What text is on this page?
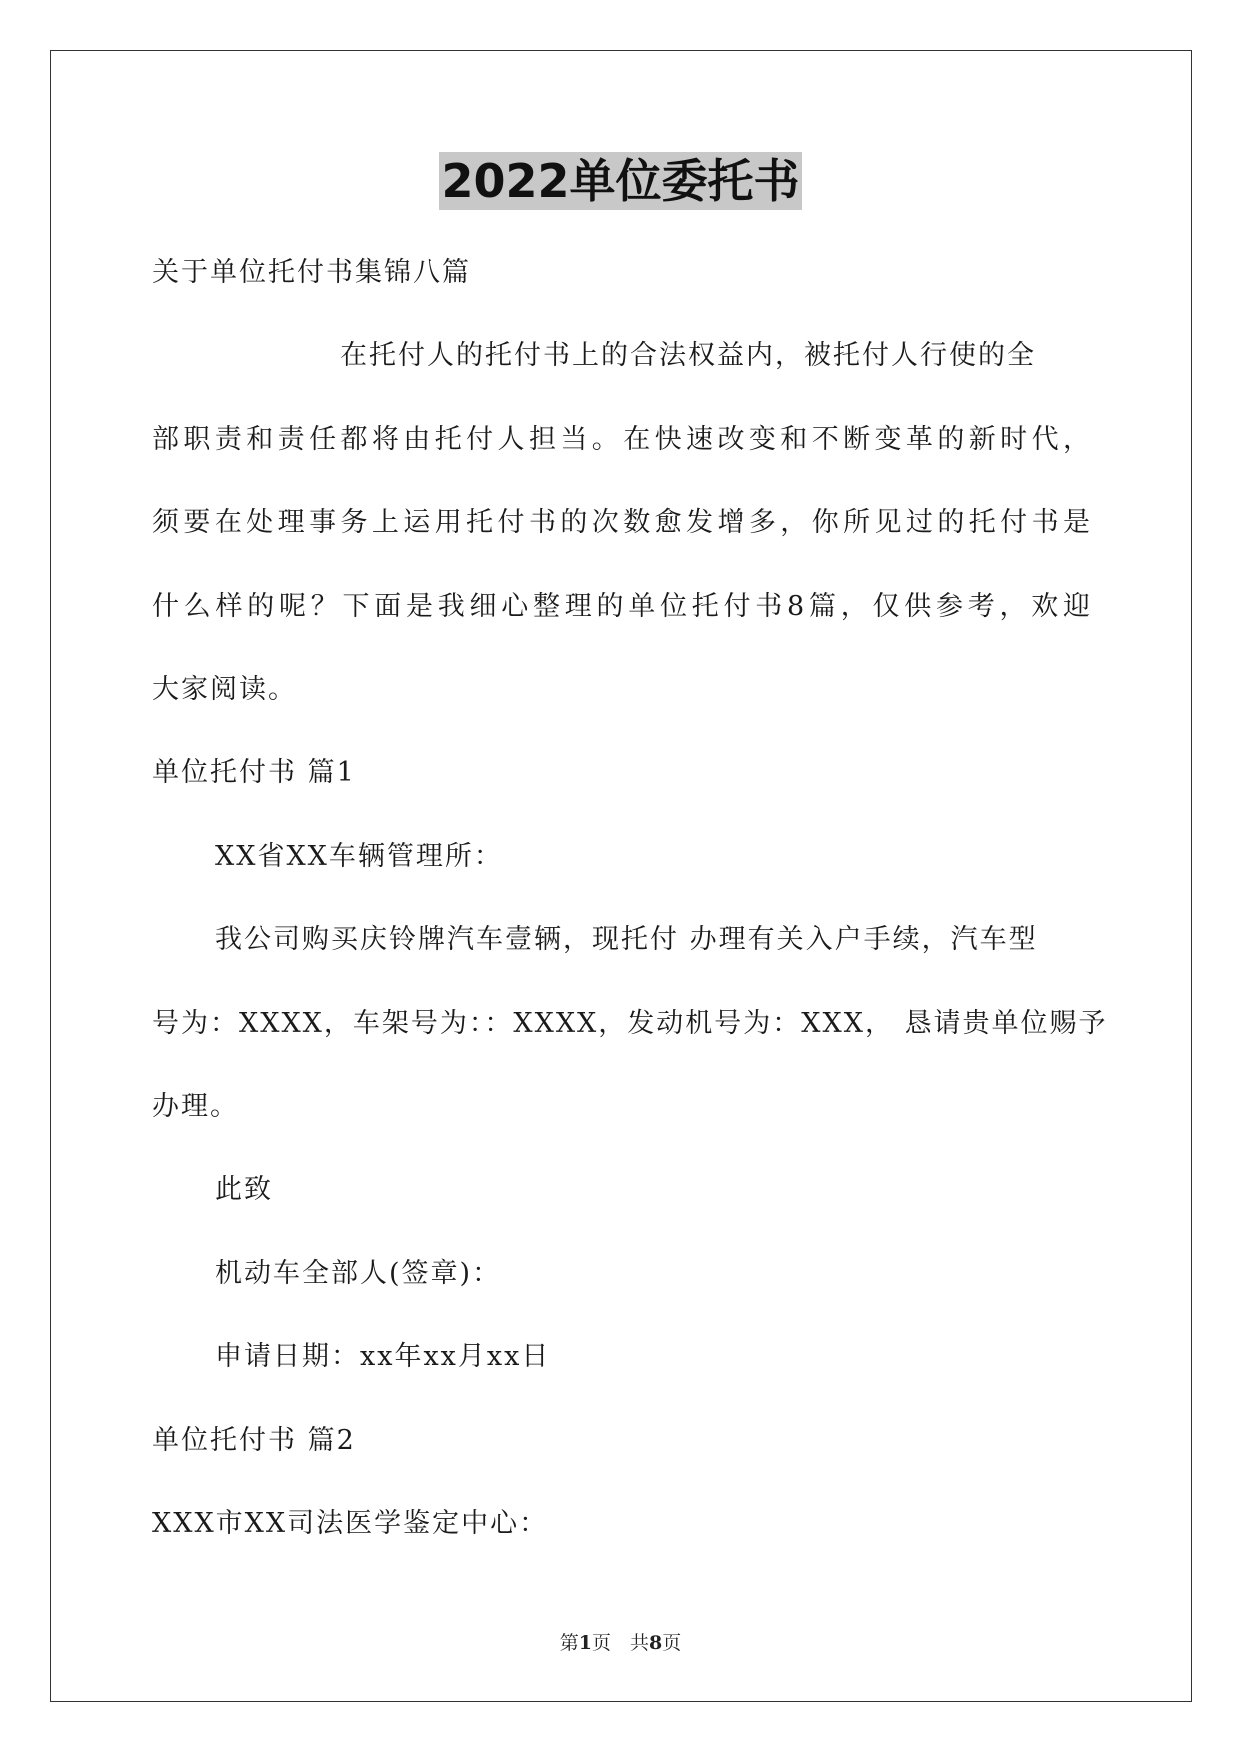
2022单位委托书
关于单位托付书集锦八篇
在托付人的托付书上的合法权益内，被托付人行使的全
部职责和责任都将由托付人担当。在快速改变和不断变革的新时代，
须要在处理事务上运用托付书的次数愈发增多，你所见过的托付书是
什么样的呢？下面是我细心整理的单位托付书8篇，仅供参考，欢迎
大家阅读。
单位托付书 篇1
XX省XX车辆管理所：
我公司购买庆铃牌汽车壹辆，现托付 办理有关入户手续，汽车型
号为：XXXX，车架号为：：XXXX，发动机号为：XXX， 恳请贵单位赐予
办理。
此致
机动车全部人(签章)：
申请日期：xx年xx月xx日
单位托付书 篇2
XXX市XX司法医学鉴定中心：
第1页　共8页
